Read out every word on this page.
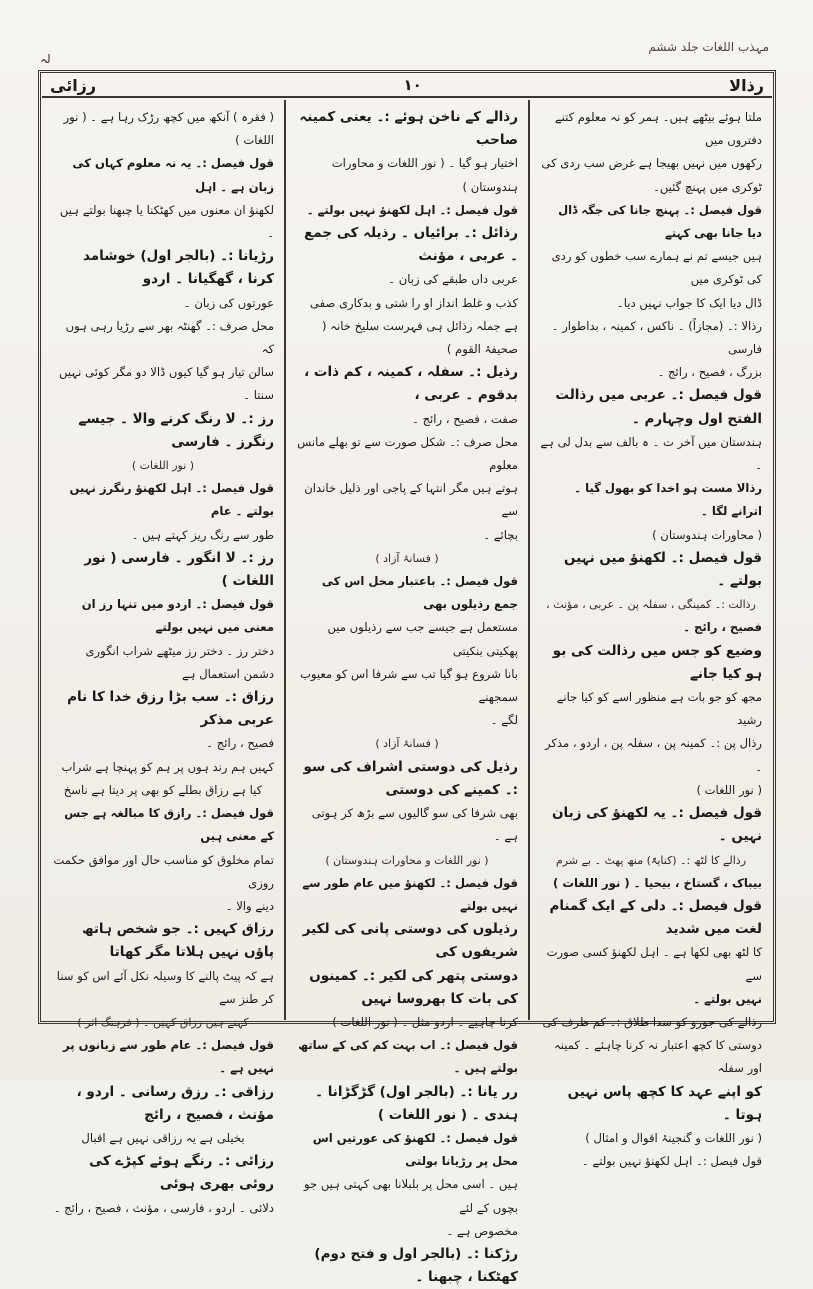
مہذب اللغات جلد ششم
لہ
رذالا
۱۰
رزائی

ملتا ہوئے بیٹھے ہیں۔ ہمر کو نہ معلوم کتنے دفتروں میں

رکھوں میں نہیں بھیجا ہے غرض سب ردی کی ٹوکری میں پہنچ گئیں۔

قول فیصل :۔ پہنچ جانا کی جگہ ڈال دیا جانا بھی کہتے

ہیں جیسے تم نے ہمارے سب خطوں کو ردی کی ٹوکری میں

ڈال دیا ایک کا جواب نہیں دیا۔

رذالا :۔ (مجازاً) ۔ ناکس ، کمینہ ، بداطوار ۔ فارسی

بزرگ ، فصیح ، رائج ۔

قول فیصل :۔ عربی میں رذالت الفتح اول وچہارم ۔

ہندستان میں آخر ت ۔ ہ بالف سے بدل لی ہے ۔

رذالا مست ہو اخدا کو بھول گیا ۔ اترانے لگا ۔

( محاورات ہندوستان )

قول فیصل :۔ لکھنؤ میں نہیں بولتے ۔

رذالت :۔ کمینگی ، سفلہ پن ۔ عربی ، مؤنث ،

فصیح ، رائج ۔

وضیع کو جس میں رذالت کی بو ہو کیا جانے

مجھ کو جو بات ہے منظور اسے کو کیا جانے رشید

رذال پن :۔ کمینہ پن ، سفلہ پن ، اردو ، مذکر ۔

( نور اللغات )

قول فیصل :۔ یہ لکھنؤ کی زبان نہیں ۔

رذالے کا لٹھ :۔ (کنایۃً) منھ پھٹ ۔ بے شرم

بیباک ، گستاخ ، بیحیا ۔ ( نور اللغات )

قول فیصل :۔ دلی کے ایک گمنام لغت میں شدید

کا لٹھ بھی لکھا ہے ۔ اہل لکھنؤ کسی صورت سے

نہیں بولتے ۔

رذالے کی جورو کو سدا طلاق :۔ کم ظرف کی

دوستی کا کچھ اعتبار نہ کرنا چاہئے ۔ کمینہ اور سفلہ

کو اپنے عہد کا کچھ پاس نہیں ہوتا ۔

( نور اللغات و گنجینۂ اقوال و امثال )

قول فیصل :۔ اہل لکھنؤ نہیں بولتے ۔

رذالے کے ناخن ہوئے :۔ یعنی کمینہ صاحب

اختیار ہو گیا ۔ ( نور اللغات و محاورات ہندوستان )

قول فیصل :۔ اہل لکھنؤ نہیں بولتے ۔

رذائل :۔ برائیاں ۔ رذیلہ کی جمع ۔ عربی ، مؤنث

عربی داں طبقے کی زبان ۔

کذب و غلط انداز او را شتی و بدکاری صفی

ہے جملہ رذائل ہی فہرست سلیخ خانہ ( صحیفۂ القوم )

رذیل :۔ سفلہ ، کمینہ ، کم ذات ، بدقوم ۔ عربی ،

صفت ، فصیح ، رائج ۔

محل صرف :۔ شکل صورت سے تو بھلے مانس معلوم

ہوتے ہیں مگر انتہا کے پاجی اور ذلیل خاندان سے

بچائے ۔

( فسانۂ آزاد )

قول فیصل :۔ باعتبار محل اس کی جمع رذیلوں بھی

مستعمل ہے جیسے جب سے رذیلوں میں پھکیتی بنکیتی

بانا شروع ہو گیا تب سے شرفا اس کو معیوب سمجھنے

لگے ۔

( فسانۂ آزاد )

رذیل کی دوستی اشراف کی سو :۔ کمینے کی دوستی

بھی شرفا کی سو گالیوں سے بڑھ کر ہوتی ہے ۔

( نور اللغات و محاورات ہندوستان )

قول فیصل :۔ لکھنؤ میں عام طور سے نہیں بولتے

رذیلوں کی دوستی پانی کی لکیر شریفوں کی

دوستی پتھر کی لکیر :۔ کمینوں کی بات کا بھروسا نہیں

کرنا چاہیے ۔ اردو مثل ۔ ( نور اللغات )

قول فیصل :۔ اب بہت کم کی کے ساتھ بولتے ہیں ۔

رر یانا :۔ (بالجر اول) گڑگڑانا ۔ ہندی ۔ ( نور اللغات )

قول فیصل :۔ لکھنؤ کی عورتیں اس محل پر رڑیانا بولتی

ہیں ۔ اسی محل پر بلبلانا بھی کہتی ہیں جو بچوں کے لئے

مخصوص ہے ۔

رڑکنا :۔ (بالجر اول و فتح دوم) کھٹکنا ، چبھنا ۔

( فقرہ ) آنکھ میں کچھ رڑک رہا ہے ۔ ( نور اللغات )

قول فیصل :۔ یہ نہ معلوم کہاں کی زبان ہے ۔ اہل

لکھنؤ ان معنوں میں کھٹکنا یا چبھنا بولتے ہیں ۔

رڑیانا :۔ (بالجر اول) خوشامد کرنا ، گھگیانا ۔ اردو

عورتوں کی زبان ۔

محل صرف :۔ گھنٹہ بھر سے رڑیا رہی ہوں کہ

سالن تیار ہو گیا کیوں ڈالا دو مگر کوئی نہیں سنتا ۔

رز :۔ لا رنگ کرنے والا ۔ جیسے رنگرز ۔ فارسی

( نور اللغات )

قول فیصل :۔ اہل لکھنؤ رنگرز نہیں بولتے ۔ عام

طور سے رنگ ریز کہتے ہیں ۔

رز :۔ لا انگور ۔ فارسی ( نور اللغات )

قول فیصل :۔ اردو میں تنہا رز ان معنی میں نہیں بولتے

دختر رز ۔ دختر رز میٹھے شراب انگوری دشمن استعمال ہے

رزاق :۔ سب بڑا رزق خدا کا نام عربی مذکر

فصیح ، رائج ۔

کہیں ہم رند ہوں پر ہم کو پہنچا ہے شراب

کیا ہے رزاق بطلے کو بھی پر دیتا ہے ناسخ

قول فیصل :۔ رازق کا مبالغہ ہے جس کے معنی ہیں

تمام مخلوق کو مناسب حال اور موافق حکمت روزی

دینے والا ۔

رزاق کہیں :۔ جو شخص ہاتھ پاؤں نہیں ہلاتا مگر کھاتا

ہے کہ پیٹ پالنے کا وسیلہ نکل آئے اس کو سنا کر طنز سے

کہتے ہیں رزاق کہیں ۔ ( فرہنگ اثر )

قول فیصل :۔ عام طور سے زبانوں پر نہیں ہے ۔

رزاقی :۔ رزق رسانی ۔ اردو ، مؤنث ، فصیح ، رائج

بخیلی ہے یہ رزاقی نہیں ہے اقبال

رزائی :۔ رنگے ہوئے کپڑے کی روئی بھری ہوئی

دلائی ۔ اردو ، فارسی ، مؤنث ، فصیح ، رائج ۔
